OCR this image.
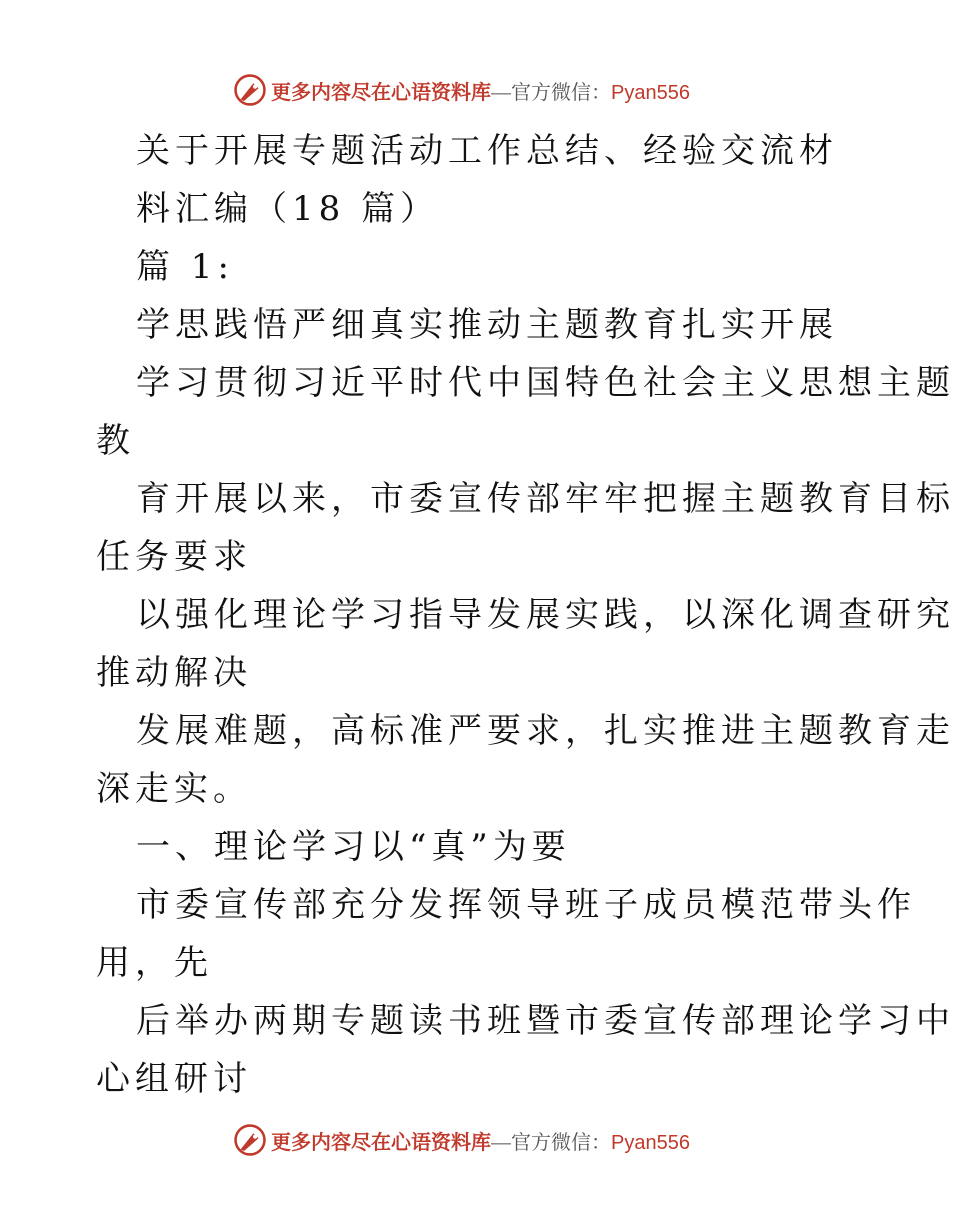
更多内容尽在心语资料库—官方微信：Pyan556
关于开展专题活动工作总结、经验交流材
料汇编（18 篇）
篇 1:
学思践悟严细真实推动主题教育扎实开展
学习贯彻习近平时代中国特色社会主义思想主题
教
育开展以来，市委宣传部牢牢把握主题教育目标
任务要求
以强化理论学习指导发展实践，以深化调查研究
推动解决
发展难题，高标准严要求，扎实推进主题教育走
深走实。
一、理论学习以“真”为要
市委宣传部充分发挥领导班子成员模范带头作
用，先
后举办两期专题读书班暨市委宣传部理论学习中
心组研讨
更多内容尽在心语资料库—官方微信：Pyan556
